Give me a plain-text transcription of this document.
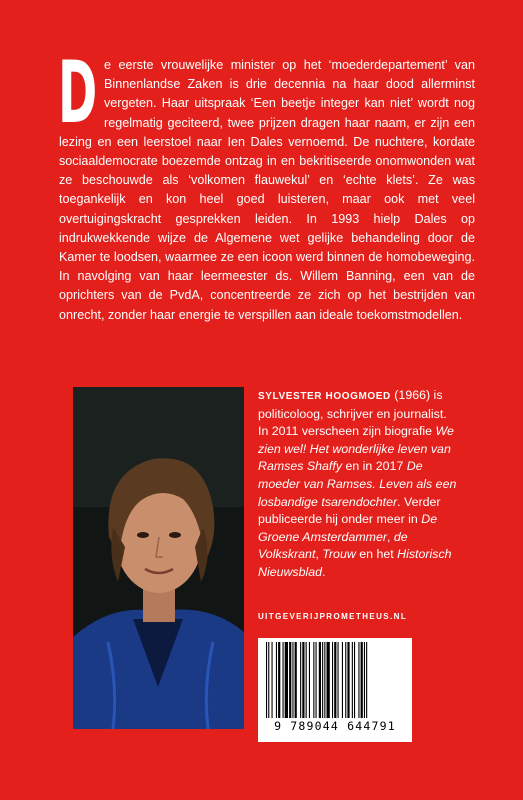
D e eerste vrouwelijke minister op het ‘moederdepartement’ van Binnenlandse Zaken is drie decennia na haar dood allerminst vergeten. Haar uitspraak ‘Een beetje integer kan niet’ wordt nog regelmatig geciteerd, twee prijzen dragen haar naam, er zijn een lezing en een leerstoel naar Ien Dales vernoemd. De nuchtere, kordate sociaaldemocrate boezemde ontzag in en bekritiseerde onomwonden wat ze beschouwde als ‘volkomen flauwekul’ en ‘echte klets’. Ze was toegankelijk en kon heel goed luisteren, maar ook met veel overtuigingskracht gesprekken leiden. In 1993 hielp Dales op indrukwekkende wijze de Algemene wet gelijke behandeling door de Kamer te loodsen, waarmee ze een icoon werd binnen de homobeweging. In navolging van haar leermeester ds. Willem Banning, een van de oprichters van de PvdA, concentreerde ze zich op het bestrijden van onrecht, zonder haar energie te verspillen aan ideale toekomstmodellen.
SYLVESTER HOOGMOED (1966) is politicoloog, schrijver en journalist. In 2011 verscheen zijn biografie We zien wel! Het wonderlijke leven van Ramses Shaffy en in 2017 De moeder van Ramses. Leven als een losbandige tsarendochter. Verder publiceerde hij onder meer in De Groene Amsterdammer, de Volkskrant, Trouw en het Historisch Nieuwsblad.
UITGEVERIJPROMETHEUS.NL
9 789044 644791
